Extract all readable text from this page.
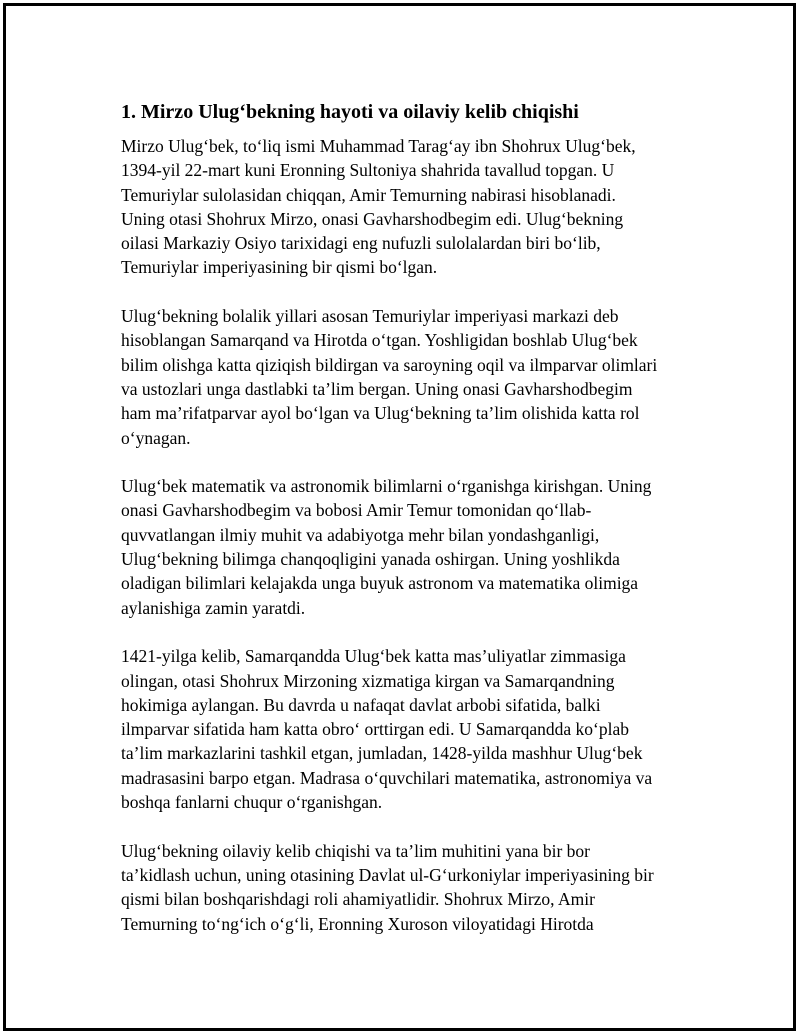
1. Mirzo Ulug‘bekning hayoti va oilaviy kelib chiqishi
Mirzo Ulug‘bek, to‘liq ismi Muhammad Tarag‘ay ibn Shohrux Ulug‘bek,
1394-yil 22-mart kuni Eronning Sultoniya shahrida tavallud topgan. U
Temuriylar sulolasidan chiqqan, Amir Temurning nabirasi hisoblanadi.
Uning otasi Shohrux Mirzo, onasi Gavharshodbegim edi. Ulug‘bekning
oilasi Markaziy Osiyo tarixidagi eng nufuzli sulolalardan biri bo‘lib,
Temuriylar imperiyasining bir qismi bo‘lgan.
Ulug‘bekning bolalik yillari asosan Temuriylar imperiyasi markazi deb
hisoblangan Samarqand va Hirotda o‘tgan. Yoshligidan boshlab Ulug‘bek
bilim olishga katta qiziqish bildirgan va saroyning oqil va ilmparvar olimlari
va ustozlari unga dastlabki ta’lim bergan. Uning onasi Gavharshodbegim
ham ma’rifatparvar ayol bo‘lgan va Ulug‘bekning ta’lim olishida katta rol
o‘ynagan.
Ulug‘bek matematik va astronomik bilimlarni o‘rganishga kirishgan. Uning
onasi Gavharshodbegim va bobosi Amir Temur tomonidan qo‘llab-
quvvatlangan ilmiy muhit va adabiyotga mehr bilan yondashganligi,
Ulug‘bekning bilimga chanqoqligini yanada oshirgan. Uning yoshlikda
oladigan bilimlari kelajakda unga buyuk astronom va matematika olimiga
aylanishiga zamin yaratdi.
1421-yilga kelib, Samarqandda Ulug‘bek katta mas’uliyatlar zimmasiga
olingan, otasi Shohrux Mirzoning xizmatiga kirgan va Samarqandning
hokimiga aylangan. Bu davrda u nafaqat davlat arbobi sifatida, balki
ilmparvar sifatida ham katta obro‘ orttirgan edi. U Samarqandda ko‘plab
ta’lim markazlarini tashkil etgan, jumladan, 1428-yilda mashhur Ulug‘bek
madrasasini barpo etgan. Madrasa o‘quvchilari matematika, astronomiya va
boshqa fanlarni chuqur o‘rganishgan.
Ulug‘bekning oilaviy kelib chiqishi va ta’lim muhitini yana bir bor
ta’kidlash uchun, uning otasining Davlat ul-G‘urkoniylar imperiyasining bir
qismi bilan boshqarishdagi roli ahamiyatlidir. Shohrux Mirzo, Amir
Temurning to‘ng‘ich o‘g‘li, Eronning Xuroson viloyatidagi Hirotda
